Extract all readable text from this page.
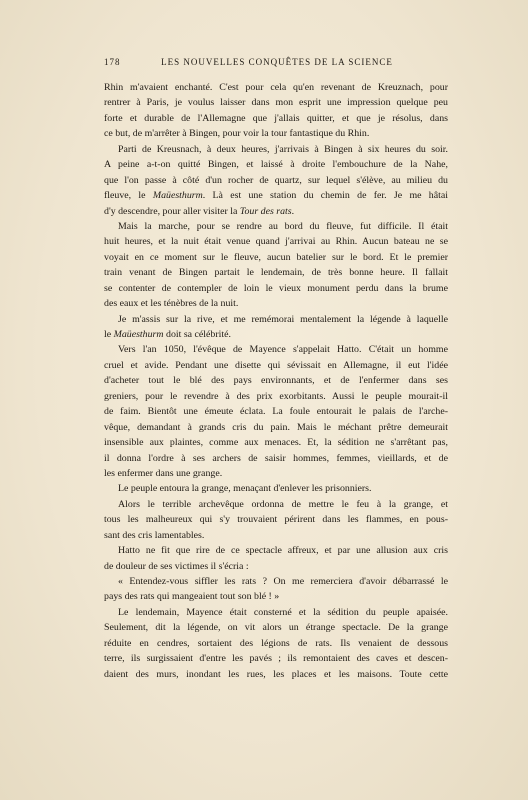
178	LES NOUVELLES CONQUÊTES DE LA SCIENCE
Rhin m'avaient enchanté. C'est pour cela qu'en revenant de Kreuznach, pour
rentrer à Paris, je voulus laisser dans mon esprit une impression quelque peu
forte et durable de l'Allemagne que j'allais quitter, et que je résolus, dans
ce but, de m'arrêter à Bingen, pour voir la tour fantastique du Rhin.
Parti de Kreusnach, à deux heures, j'arrivais à Bingen à six heures du soir.
A peine a-t-on quitté Bingen, et laissé à droite l'embouchure de la Nahe,
que l'on passe à côté d'un rocher de quartz, sur lequel s'élève, au milieu du
fleuve, le Maüesthurm. Là est une station du chemin de fer. Je me hâtai
d'y descendre, pour aller visiter la Tour des rats.
Mais la marche, pour se rendre au bord du fleuve, fut difficile. Il était
huit heures, et la nuit était venue quand j'arrivai au Rhin. Aucun bateau ne se
voyait en ce moment sur le fleuve, aucun batelier sur le bord. Et le premier
train venant de Bingen partait le lendemain, de très bonne heure. Il fallait
se contenter de contempler de loin le vieux monument perdu dans la brume
des eaux et les ténèbres de la nuit.
Je m'assis sur la rive, et me remémorai mentalement la légende à laquelle
le Maüesthurm doit sa célébrité.
Vers l'an 1050, l'évêque de Mayence s'appelait Hatto. C'était un homme
cruel et avide. Pendant une disette qui sévissait en Allemagne, il eut l'idée
d'acheter tout le blé des pays environnants, et de l'enfermer dans ses
greniers, pour le revendre à des prix exorbitants. Aussi le peuple mourait-il
de faim. Bientôt une émeute éclata. La foule entourait le palais de l'arche-
vêque, demandant à grands cris du pain. Mais le méchant prêtre demeurait
insensible aux plaintes, comme aux menaces. Et, la sédition ne s'arrêtant pas,
il donna l'ordre à ses archers de saisir hommes, femmes, vieillards, et de
les enfermer dans une grange.
Le peuple entoura la grange, menaçant d'enlever les prisonniers.
Alors le terrible archevêque ordonna de mettre le feu à la grange, et
tous les malheureux qui s'y trouvaient périrent dans les flammes, en pous-
sant des cris lamentables.
Hatto ne fit que rire de ce spectacle affreux, et par une allusion aux cris
de douleur de ses victimes il s'écria :
« Entendez-vous siffler les rats ? On me remerciera d'avoir débarrassé le
pays des rats qui mangeaient tout son blé ! »
Le lendemain, Mayence était consterné et la sédition du peuple apaisée.
Seulement, dit la légende, on vit alors un étrange spectacle. De la grange
réduite en cendres, sortaient des légions de rats. Ils venaient de dessous
terre, ils surgissaient d'entre les pavés ; ils remontaient des caves et descen-
daient des murs, inondant les rues, les places et les maisons. Toute cette
